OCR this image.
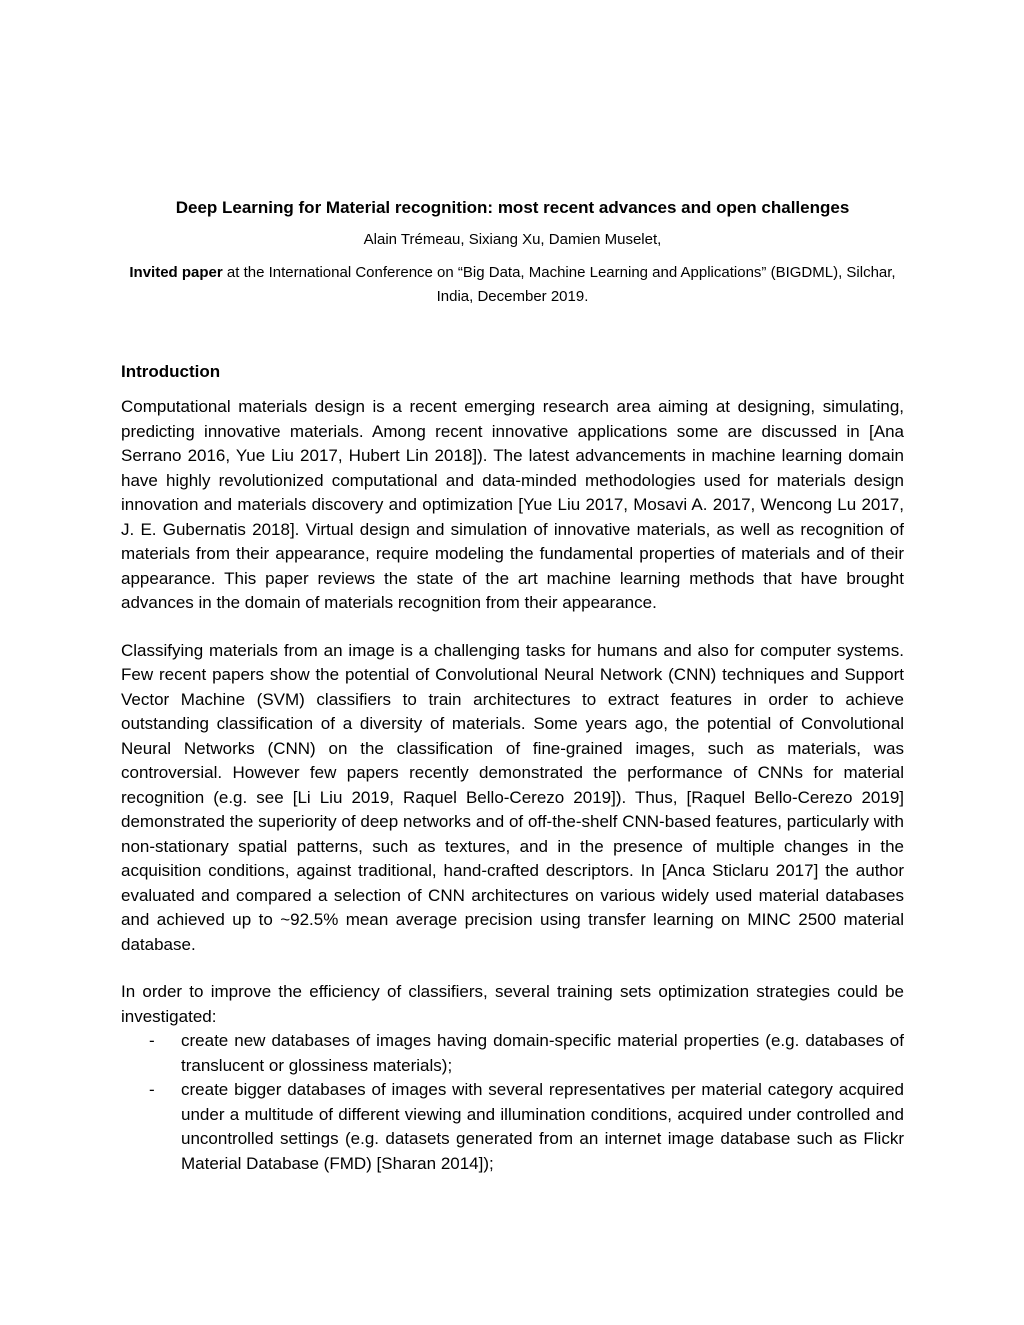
Deep Learning for Material recognition: most recent advances and open challenges

Alain Trémeau, Sixiang Xu, Damien Muselet,

Invited paper at the International Conference on “Big Data, Machine Learning and Applications” (BIGDML), Silchar, India, December 2019.

Introduction

Computational materials design is a recent emerging research area aiming at designing, simulating, predicting innovative materials. Among recent innovative applications some are discussed in [Ana Serrano 2016, Yue Liu 2017, Hubert Lin 2018]). The latest advancements in machine learning domain have highly revolutionized computational and data-minded methodologies used for materials design innovation and materials discovery and optimization [Yue Liu 2017, Mosavi A. 2017, Wencong Lu 2017, J. E. Gubernatis 2018]. Virtual design and simulation of innovative materials, as well as recognition of materials from their appearance, require modeling the fundamental properties of materials and of their appearance. This paper reviews the state of the art machine learning methods that have brought advances in the domain of materials recognition from their appearance.

Classifying materials from an image is a challenging tasks for humans and also for computer systems. Few recent papers show the potential of Convolutional Neural Network (CNN) techniques and Support Vector Machine (SVM) classifiers to train architectures to extract features in order to achieve outstanding classification of a diversity of materials. Some years ago, the potential of Convolutional Neural Networks (CNN) on the classification of fine-grained images, such as materials, was controversial. However few papers recently demonstrated the performance of CNNs for material recognition (e.g. see [Li Liu 2019, Raquel Bello-Cerezo 2019]). Thus, [Raquel Bello-Cerezo 2019] demonstrated the superiority of deep networks and of off-the-shelf CNN-based features, particularly with non-stationary spatial patterns, such as textures, and in the presence of multiple changes in the acquisition conditions, against traditional, hand-crafted descriptors. In [Anca Sticlaru 2017] the author evaluated and compared a selection of CNN architectures on various widely used material databases and achieved up to ~92.5% mean average precision using transfer learning on MINC 2500 material database.

In order to improve the efficiency of classifiers, several training sets optimization strategies could be investigated:

- create new databases of images having domain-specific material properties (e.g. databases of translucent or glossiness materials);
- create bigger databases of images with several representatives per material category acquired under a multitude of different viewing and illumination conditions, acquired under controlled and uncontrolled settings (e.g. datasets generated from an internet image database such as Flickr Material Database (FMD) [Sharan 2014]);
